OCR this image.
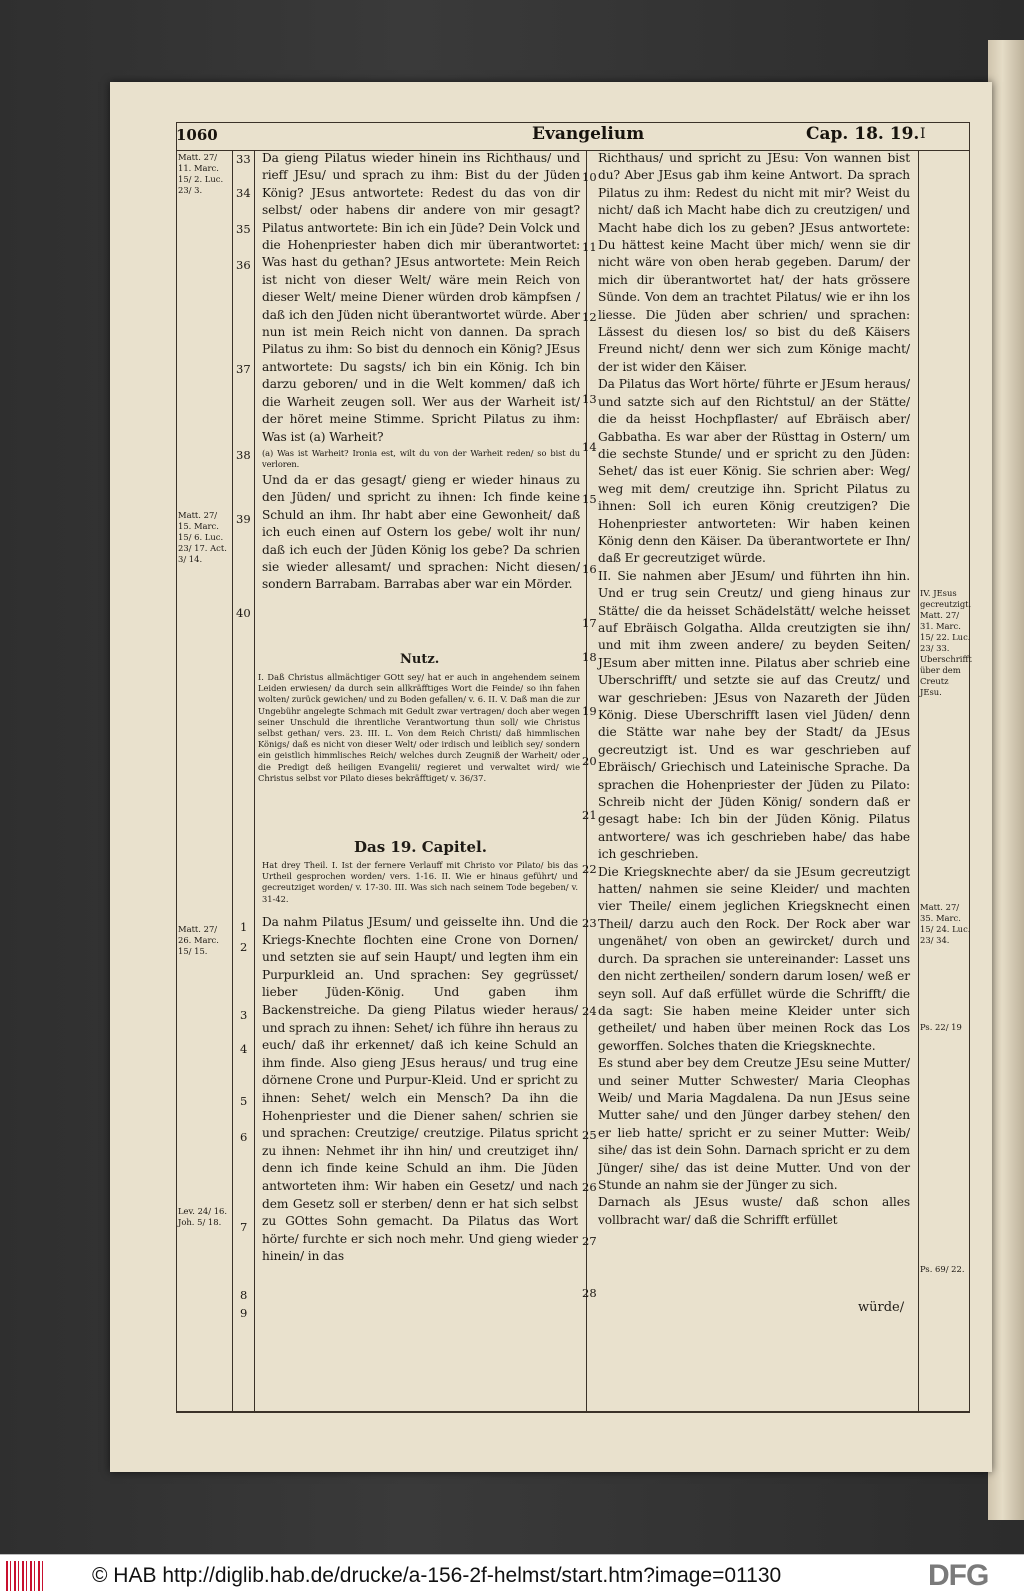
1060	Evangelium	Cap. 18. 19. I
Matt. 27/ 11. Marc. 15/ 2. Luc. 23/ 3.
Matt. 27/ 15. Marc. 15/ 6. Luc. 23/ 17. Act. 3/ 14.
Matt. 27/ 26. Marc. 15/ 15.
Lev. 24/ 16. Joh. 5/ 18.
IV. JEsus gecreutzigt. Matt. 27/ 31. Marc. 15/ 22. Luc. 23/ 33. Uberschrifft über dem Creutz JEsu.
Matt. 27/ 35. Marc. 15/ 24. Luc. 23/ 34.
Ps. 22/ 19
Ps. 69/ 22.
33
34
35
36
37
38
39
40
1
2
3
4
5
6
7
8
9
10
11
12
13
14
15
16
17
18
19
20
21
22
23
24
25
26
27
28

Da gieng Pilatus wieder hinein ins Richthaus/ und rieff JEsu/ und sprach zu ihm: Bist du der Jüden König? JEsus antwortete: Redest du das von dir selbst/ oder habens dir andere von mir gesagt? Pilatus antwortete: Bin ich ein Jüde? Dein Volck und die Hohenpriester haben dich mir überantwortet: Was hast du gethan? JEsus antwortete: Mein Reich ist nicht von dieser Welt/ wäre mein Reich von dieser Welt/ meine Diener würden drob kämpfsen / daß ich den Jüden nicht überantwortet würde. Aber nun ist mein Reich nicht von dannen. Da sprach Pilatus zu ihm: So bist du dennoch ein König? JEsus antwortete: Du sagsts/ ich bin ein König. Ich bin darzu geboren/ und in die Welt kommen/ daß ich die Warheit zeugen soll. Wer aus der Warheit ist/ der höret meine Stimme. Spricht Pilatus zu ihm: Was ist (a) Warheit?

(a) Was ist Warheit? Ironia est, wilt du von der Warheit reden/ so bist du verloren.

Und da er das gesagt/ gieng er wieder hinaus zu den Jüden/ und spricht zu ihnen: Ich finde keine Schuld an ihm. Ihr habt aber eine Gewonheit/ daß ich euch einen auf Ostern los gebe/ wolt ihr nun/ daß ich euch der Jüden König los gebe? Da schrien sie wieder allesamt/ und sprachen: Nicht diesen/ sondern Barrabam. Barrabas aber war ein Mörder.

Nutz.
I. Daß Christus allmächtiger GOtt sey/ hat er auch in angehendem seinem Leiden erwiesen/ da durch sein allkräfftiges Wort die Feinde/ so ihn fahen wolten/ zurück gewichen/ und zu Boden gefallen/ v. 6. II. V. Daß man die zur Ungebühr angelegte Schmach mit Gedult zwar vertragen/ doch aber wegen seiner Unschuld die ihrentliche Verantwortung thun soll/ wie Christus selbst gethan/ vers. 23. III. L. Von dem Reich Christi/ daß himmlischen Königs/ daß es nicht von dieser Welt/ oder irdisch und leiblich sey/ sondern ein geistlich himmlisches Reich/ welches durch Zeugniß der Warheit/ oder die Predigt deß heiligen Evangelii/ regieret und verwaltet wird/ wie Christus selbst vor Pilato dieses bekräfftiget/ v. 36/37.
Das 19. Capitel.
Hat drey Theil. I. Ist der fernere Verlauff mit Christo vor Pilato/ bis das Urtheil gesprochen worden/ vers. 1-16. II. Wie er hinaus geführt/ und gecreutziget worden/ v. 17-30. III. Was sich nach seinem Tode begeben/ v. 31-42.
Da nahm Pilatus JEsum/ und geisselte ihn. Und die Kriegs-Knechte flochten eine Crone von Dornen/ und setzten sie auf sein Haupt/ und legten ihm ein Purpurkleid an. Und sprachen: Sey gegrüsset/ lieber Jüden-König. Und gaben ihm Backenstreiche. Da gieng Pilatus wieder heraus/ und sprach zu ihnen: Sehet/ ich führe ihn heraus zu euch/ daß ihr erkennet/ daß ich keine Schuld an ihm finde. Also gieng JEsus heraus/ und trug eine dörnene Crone und Purpur-Kleid. Und er spricht zu ihnen: Sehet/ welch ein Mensch? Da ihn die Hohenpriester und die Diener sahen/ schrien sie und sprachen: Creutzige/ creutzige. Pilatus spricht zu ihnen: Nehmet ihr ihn hin/ und creutziget ihn/ denn ich finde keine Schuld an ihm. Die Jüden antworteten ihm: Wir haben ein Gesetz/ und nach dem Gesetz soll er sterben/ denn er hat sich selbst zu GOttes Sohn gemacht. Da Pilatus das Wort hörte/ furchte er sich noch mehr. Und gieng wieder hinein/ in das

Richthaus/ und spricht zu JEsu: Von wannen bist du? Aber JEsus gab ihm keine Antwort. Da sprach Pilatus zu ihm: Redest du nicht mit mir? Weist du nicht/ daß ich Macht habe dich zu creutzigen/ und Macht habe dich los zu geben? JEsus antwortete: Du hättest keine Macht über mich/ wenn sie dir nicht wäre von oben herab gegeben. Darum/ der mich dir überantwortet hat/ der hats grössere Sünde. Von dem an trachtet Pilatus/ wie er ihn los liesse. Die Jüden aber schrien/ und sprachen: Lässest du diesen los/ so bist du deß Käisers Freund nicht/ denn wer sich zum Könige macht/ der ist wider den Käiser.

Da Pilatus das Wort hörte/ führte er JEsum heraus/ und satzte sich auf den Richtstul/ an der Stätte/ die da heisst Hochpflaster/ auf Ebräisch aber/ Gabbatha. Es war aber der Rüsttag in Ostern/ um die sechste Stunde/ und er spricht zu den Jüden: Sehet/ das ist euer König. Sie schrien aber: Weg/ weg mit dem/ creutzige ihn. Spricht Pilatus zu ihnen: Soll ich euren König creutzigen? Die Hohenpriester antworteten: Wir haben keinen König denn den Käiser. Da überantwortete er Ihn/ daß Er gecreutziget würde.

II. Sie nahmen aber JEsum/ und führten ihn hin. Und er trug sein Creutz/ und gieng hinaus zur Stätte/ die da heisset Schädelstätt/ welche heisset auf Ebräisch Golgatha. Allda creutzigten sie ihn/ und mit ihm zween andere/ zu beyden Seiten/ JEsum aber mitten inne. Pilatus aber schrieb eine Uberschrifft/ und setzte sie auf das Creutz/ und war geschrieben: JEsus von Nazareth der Jüden König. Diese Uberschrifft lasen viel Jüden/ denn die Stätte war nahe bey der Stadt/ da JEsus gecreutzigt ist. Und es war geschrieben auf Ebräisch/ Griechisch und Lateinische Sprache. Da sprachen die Hohenpriester der Jüden zu Pilato: Schreib nicht der Jüden König/ sondern daß er gesagt habe: Ich bin der Jüden König. Pilatus antwortere/ was ich geschrieben habe/ das habe ich geschrieben.

Die Kriegsknechte aber/ da sie JEsum gecreutzigt hatten/ nahmen sie seine Kleider/ und machten vier Theile/ einem jeglichen Kriegsknecht einen Theil/ darzu auch den Rock. Der Rock aber war ungenähet/ von oben an gewircket/ durch und durch. Da sprachen sie untereinander: Lasset uns den nicht zertheilen/ sondern darum losen/ weß er seyn soll. Auf daß erfüllet würde die Schrifft/ die da sagt: Sie haben meine Kleider unter sich getheilet/ und haben über meinen Rock das Los geworffen. Solches thaten die Kriegsknechte.

Es stund aber bey dem Creutze JEsu seine Mutter/ und seiner Mutter Schwester/ Maria Cleophas Weib/ und Maria Magdalena. Da nun JEsus seine Mutter sahe/ und den Jünger darbey stehen/ den er lieb hatte/ spricht er zu seiner Mutter: Weib/ sihe/ das ist dein Sohn. Darnach spricht er zu dem Jünger/ sihe/ das ist deine Mutter. Und von der Stunde an nahm sie der Jünger zu sich.

Darnach als JEsus wuste/ daß schon alles vollbracht war/ daß die Schrifft erfüllet

würde/
© HAB http://diglib.hab.de/drucke/a-156-2f-helmst/start.htm?image=01130	DFG
